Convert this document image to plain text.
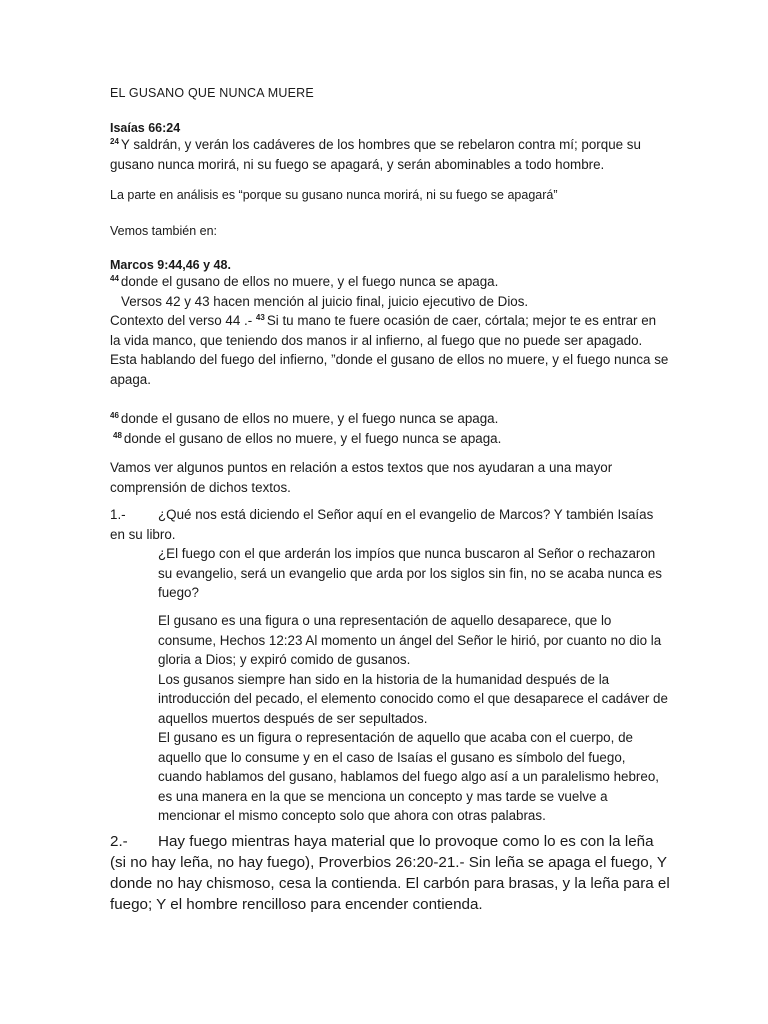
EL GUSANO QUE NUNCA MUERE
Isaías 66:24

$^{24}$ Y saldrán, y verán los cadáveres de los hombres que se rebelaron contra mí; porque su gusano nunca morirá, ni su fuego se apagará, y serán abominables a todo hombre.

La parte en análisis es “porque su gusano nunca morirá, ni su fuego se apagará”

Vemos también en:

Marcos 9:44,46 y 48.

$^{44}$ donde el gusano de ellos no muere, y el fuego nunca se apaga.

Versos 42 y 43 hacen mención al juicio final, juicio ejecutivo de Dios.

Contexto del verso 44 .- $^{43}$ Si tu mano te fuere ocasión de caer, córtala; mejor te es entrar en la vida manco, que teniendo dos manos ir al infierno, al fuego que no puede ser apagado. Esta hablando del fuego del infierno, ”donde el gusano de ellos no muere, y el fuego nunca se apaga.

$^{46}$ donde el gusano de ellos no muere, y el fuego nunca se apaga.

$^{48}$ donde el gusano de ellos no muere, y el fuego nunca se apaga.

Vamos ver algunos puntos en relación a estos textos que nos ayudaran a una mayor comprensión de dichos textos.

1.- ¿Qué nos está diciendo el Señor aquí en el evangelio de Marcos? Y también Isaías en su libro.

¿El fuego con el que arderán los impíos que nunca buscaron al Señor o rechazaron su evangelio, será un evangelio que arda por los siglos sin fin, no se acaba nunca es fuego?

El gusano es una figura o una representación de aquello desaparece, que lo consume, Hechos 12:23 Al momento un ángel del Señor le hirió, por cuanto no dio la gloria a Dios; y expiró comido de gusanos.

Los gusanos siempre han sido en la historia de la humanidad después de la introducción del pecado, el elemento conocido como el que desaparece el cadáver de aquellos muertos después de ser sepultados.

El gusano es un figura o representación de aquello que acaba con el cuerpo, de aquello que lo consume y en el caso de Isaías el gusano es símbolo del fuego, cuando hablamos del gusano, hablamos del fuego algo así a un paralelismo hebreo, es una manera en la que se menciona un concepto y mas tarde se vuelve a mencionar el mismo concepto solo que ahora con otras palabras.

2.- Hay fuego mientras haya material que lo provoque como lo es con la leña (si no hay leña, no hay fuego), Proverbios 26:20-21.- Sin leña se apaga el fuego, Y donde no hay chismoso, cesa la contienda. El carbón para brasas, y la leña para el fuego; Y el hombre rencilloso para encender contienda.
